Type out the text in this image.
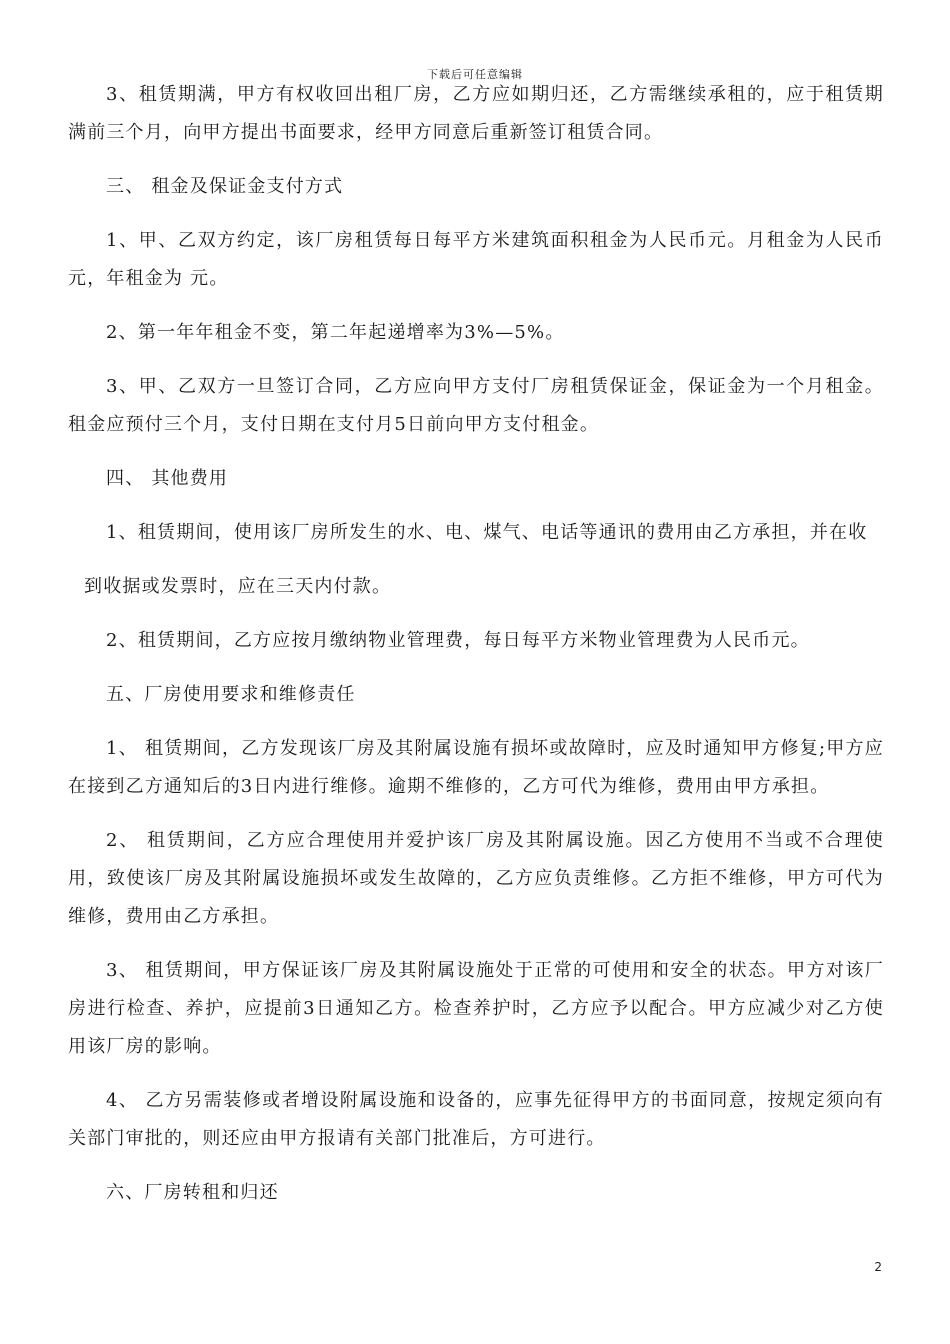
下载后可任意编辑

3、租赁期满，甲方有权收回出租厂房，乙方应如期归还，乙方需继续承租的，应于租赁期满前三个月，向甲方提出书面要求，经甲方同意后重新签订租赁合同。

三、 租金及保证金支付方式

1、甲、乙双方约定，该厂房租赁每日每平方米建筑面积租金为人民币元。月租金为人民币元，年租金为 元。

2、第一年年租金不变，第二年起递增率为3%—5%。

3、甲、乙双方一旦签订合同，乙方应向甲方支付厂房租赁保证金，保证金为一个月租金。租金应预付三个月，支付日期在支付月5日前向甲方支付租金。

四、 其他费用

1、租赁期间，使用该厂房所发生的水、电、煤气、电话等通讯的费用由乙方承担，并在收

到收据或发票时，应在三天内付款。

2、租赁期间，乙方应按月缴纳物业管理费，每日每平方米物业管理费为人民币元。

五、厂房使用要求和维修责任

1、 租赁期间，乙方发现该厂房及其附属设施有损坏或故障时，应及时通知甲方修复;甲方应在接到乙方通知后的3日内进行维修。逾期不维修的，乙方可代为维修，费用由甲方承担。

2、 租赁期间，乙方应合理使用并爱护该厂房及其附属设施。因乙方使用不当或不合理使用，致使该厂房及其附属设施损坏或发生故障的，乙方应负责维修。乙方拒不维修，甲方可代为维修，费用由乙方承担。

3、 租赁期间，甲方保证该厂房及其附属设施处于正常的可使用和安全的状态。甲方对该厂房进行检查、养护，应提前3日通知乙方。检查养护时，乙方应予以配合。甲方应减少对乙方使用该厂房的影响。

4、 乙方另需装修或者增设附属设施和设备的，应事先征得甲方的书面同意，按规定须向有关部门审批的，则还应由甲方报请有关部门批准后，方可进行。

六、厂房转租和归还

2
